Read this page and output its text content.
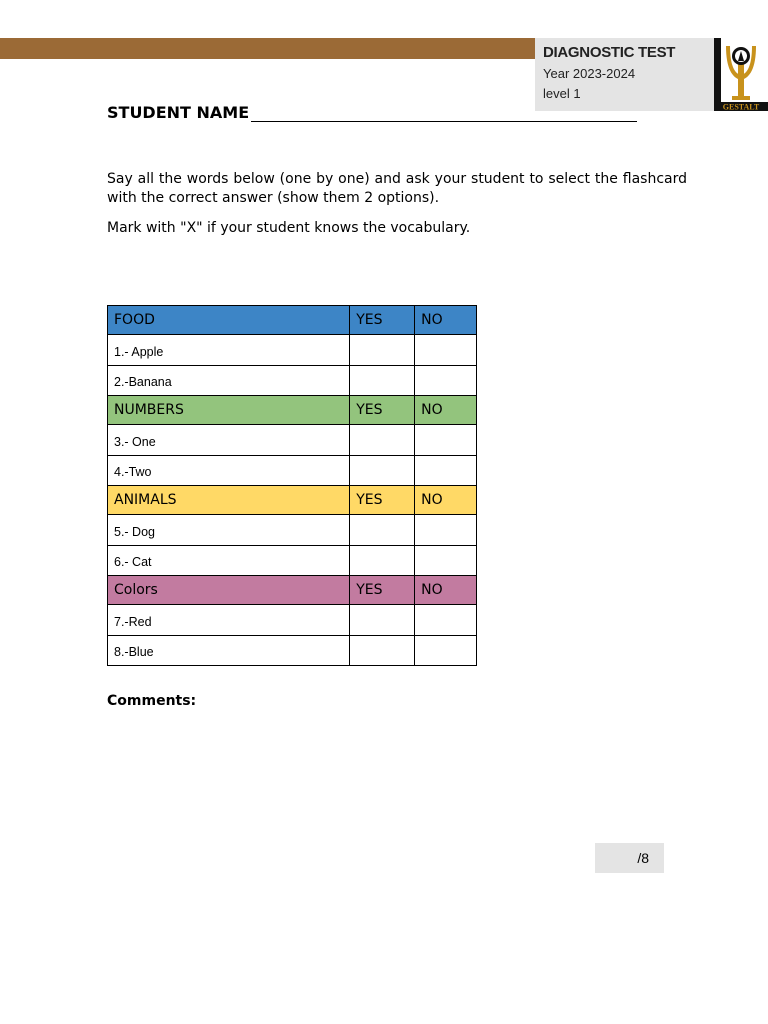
DIAGNOSTIC TEST
Year 2023-2024
level 1
GESTALT
STUDENT NAME

Say all the words below (one by one) and ask your student to select the flashcard with the correct answer (show them 2 options).

Mark with "X" if your student knows the vocabulary.

FOOD	YES	NO
1.- Apple		
2.-Banana		
NUMBERS	YES	NO
3.- One		
4.-Two		
ANIMALS	YES	NO
5.- Dog		
6.- Cat		
Colors	YES	NO
7.-Red		
8.-Blue		
Comments:
/8
